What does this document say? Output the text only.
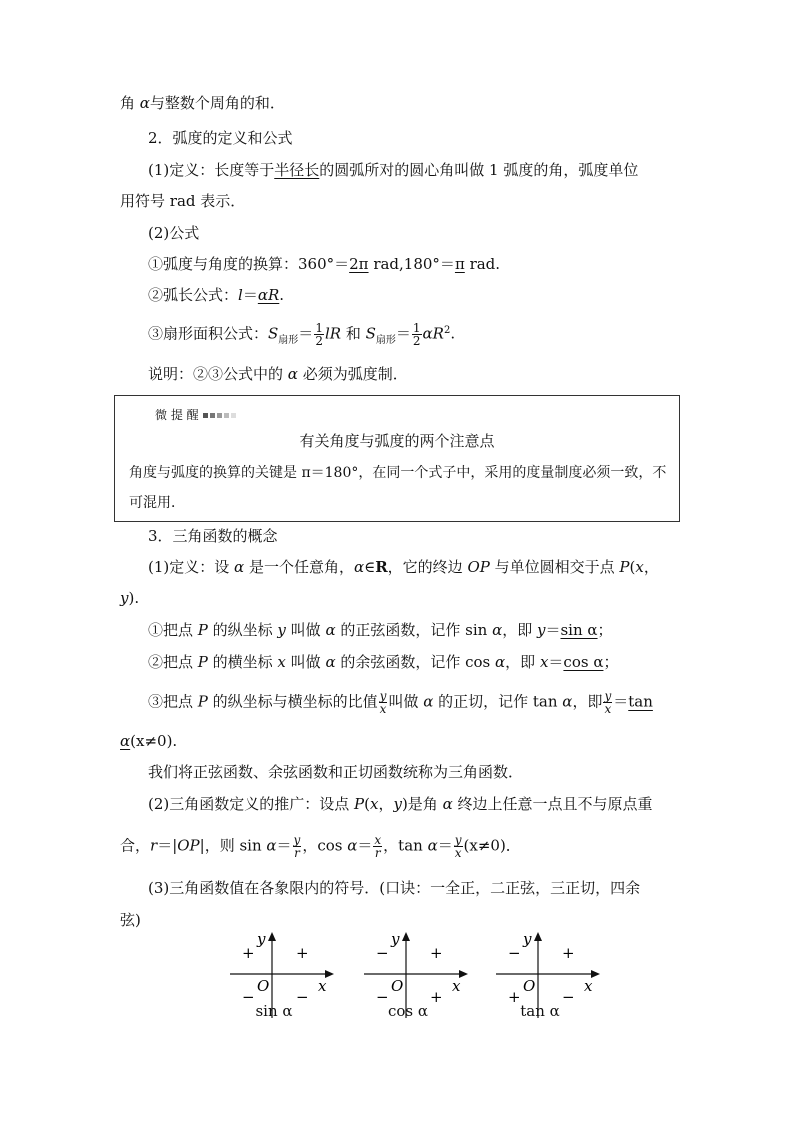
角 α与整数个周角的和．
2．弧度的定义和公式
(1)定义：长度等于半径长的圆弧所对的圆心角叫做 1 弧度的角，弧度单位
用符号 rad 表示．
(2)公式
①弧度与角度的换算：360°＝2π rad,180°＝π rad.
②弧长公式：l＝αR.
③扇形面积公式：$S_{扇形}= \frac{1}{2}$ lR 和 $S_{扇形}= \frac{1}{2} \alpha R^2$.
说明：②③公式中的 α 必须为弧度制．
微 提 醒
有关角度与弧度的两个注意点
角度与弧度的换算的关键是 π＝180°，在同一个式子中，采用的度量制度必须一致，不可混用．
3．三角函数的概念
(1)定义：设 α 是一个任意角，α∈R，它的终边 OP 与单位圆相交于点 P(x，
y).
①把点 P 的纵坐标 y 叫做 α 的正弦函数，记作 sin α，即 y＝sin α；
②把点 P 的横坐标 x 叫做 α 的余弦函数，记作 cos α，即 x＝cos α；
③把点 P 的纵坐标与横坐标的比值 $\frac{y}{x}$ 叫做 α 的正切，记作 tan α，即 $\frac{y}{x} =\tan$
α(x≠0).
我们将正弦函数、余弦函数和正切函数统称为三角函数．
(2)三角函数定义的推广：设点 P(x，y)是角 α 终边上任意一点且不与原点重
合，r＝|OP|，则 $\sin \alpha= \frac{y}{r}$ ，$\cos \alpha= \frac{x}{r}$ ，$\tan \alpha= \frac{y}{x} (x\ne 0)$．
(3)三角函数值在各象限内的符号．(口诀：一全正，二正弦，三正切，四余
弦)
y
x
O
+	+
−	−
sin α
y
x
O
−	+
−	+
cos α
y
x
O
−	+
+	−
tan α
